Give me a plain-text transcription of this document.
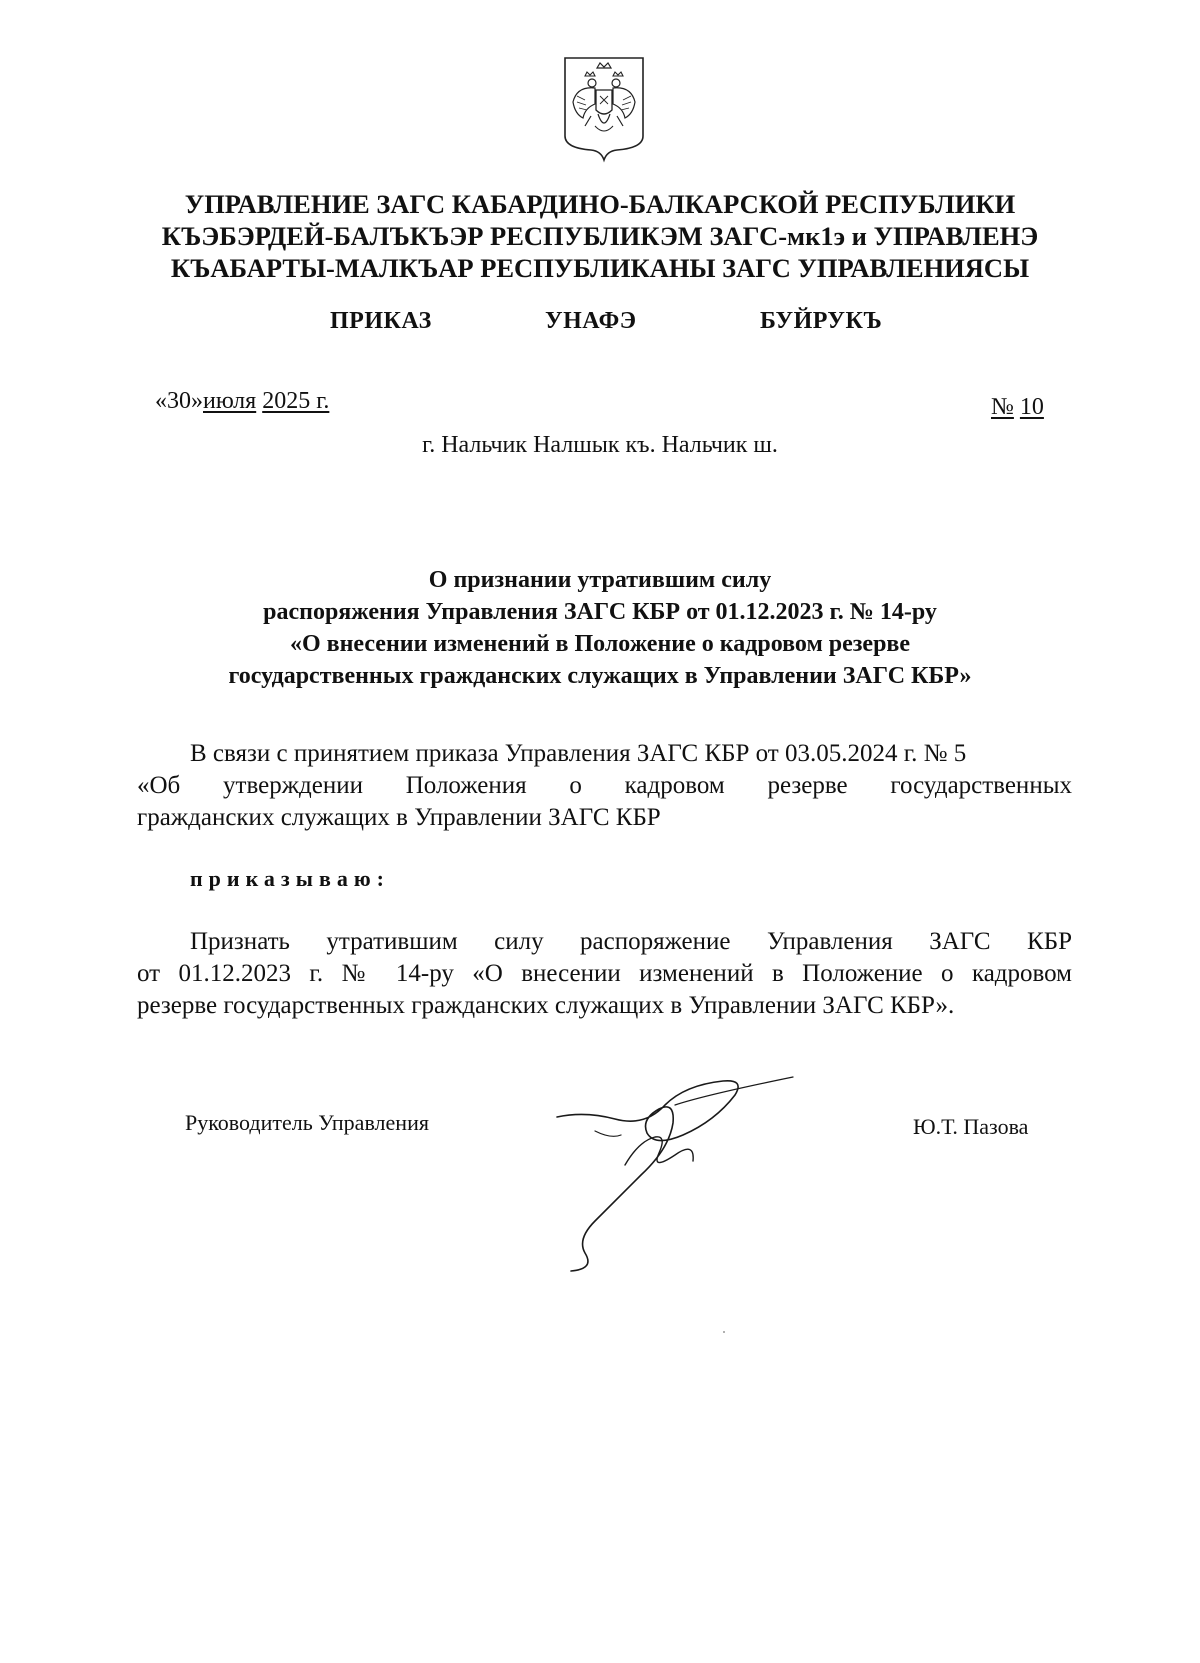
УПРАВЛЕНИЕ ЗАГС КАБАРДИНО-БАЛКАРСКОЙ РЕСПУБЛИКИ
КЪЭБЭРДЕЙ-БАЛЪКЪЭР РЕСПУБЛИКЭМ ЗАГС-мк1э и УПРАВЛЕНЭ
КЪАБАРТЫ-МАЛКЪАР РЕСПУБЛИКАНЫ ЗАГС УПРАВЛЕНИЯСЫ
ПРИКАЗ	УНАФЭ	БУЙРУКЪ
«30»июля 2025 г.	№ 10
г. Нальчик Налшык къ. Нальчик ш.
О признании утратившим силу
распоряжения Управления ЗАГС КБР от 01.12.2023 г. № 14-ру
«О внесении изменений в Положение о кадровом резерве
государственных гражданских служащих в Управлении ЗАГС КБР»
В связи с принятием приказа Управления ЗАГС КБР от 03.05.2024 г. № 5
«Об утверждении Положения о кадровом резерве государственных
гражданских служащих в Управлении ЗАГС КБР
приказываю:
Признать утратившим силу распоряжение Управления ЗАГС КБР
от 01.12.2023 г. № 14-ру «О внесении изменений в Положение о кадровом
резерве государственных гражданских служащих в Управлении ЗАГС КБР».
Руководитель Управления	Ю.Т. Пазова
